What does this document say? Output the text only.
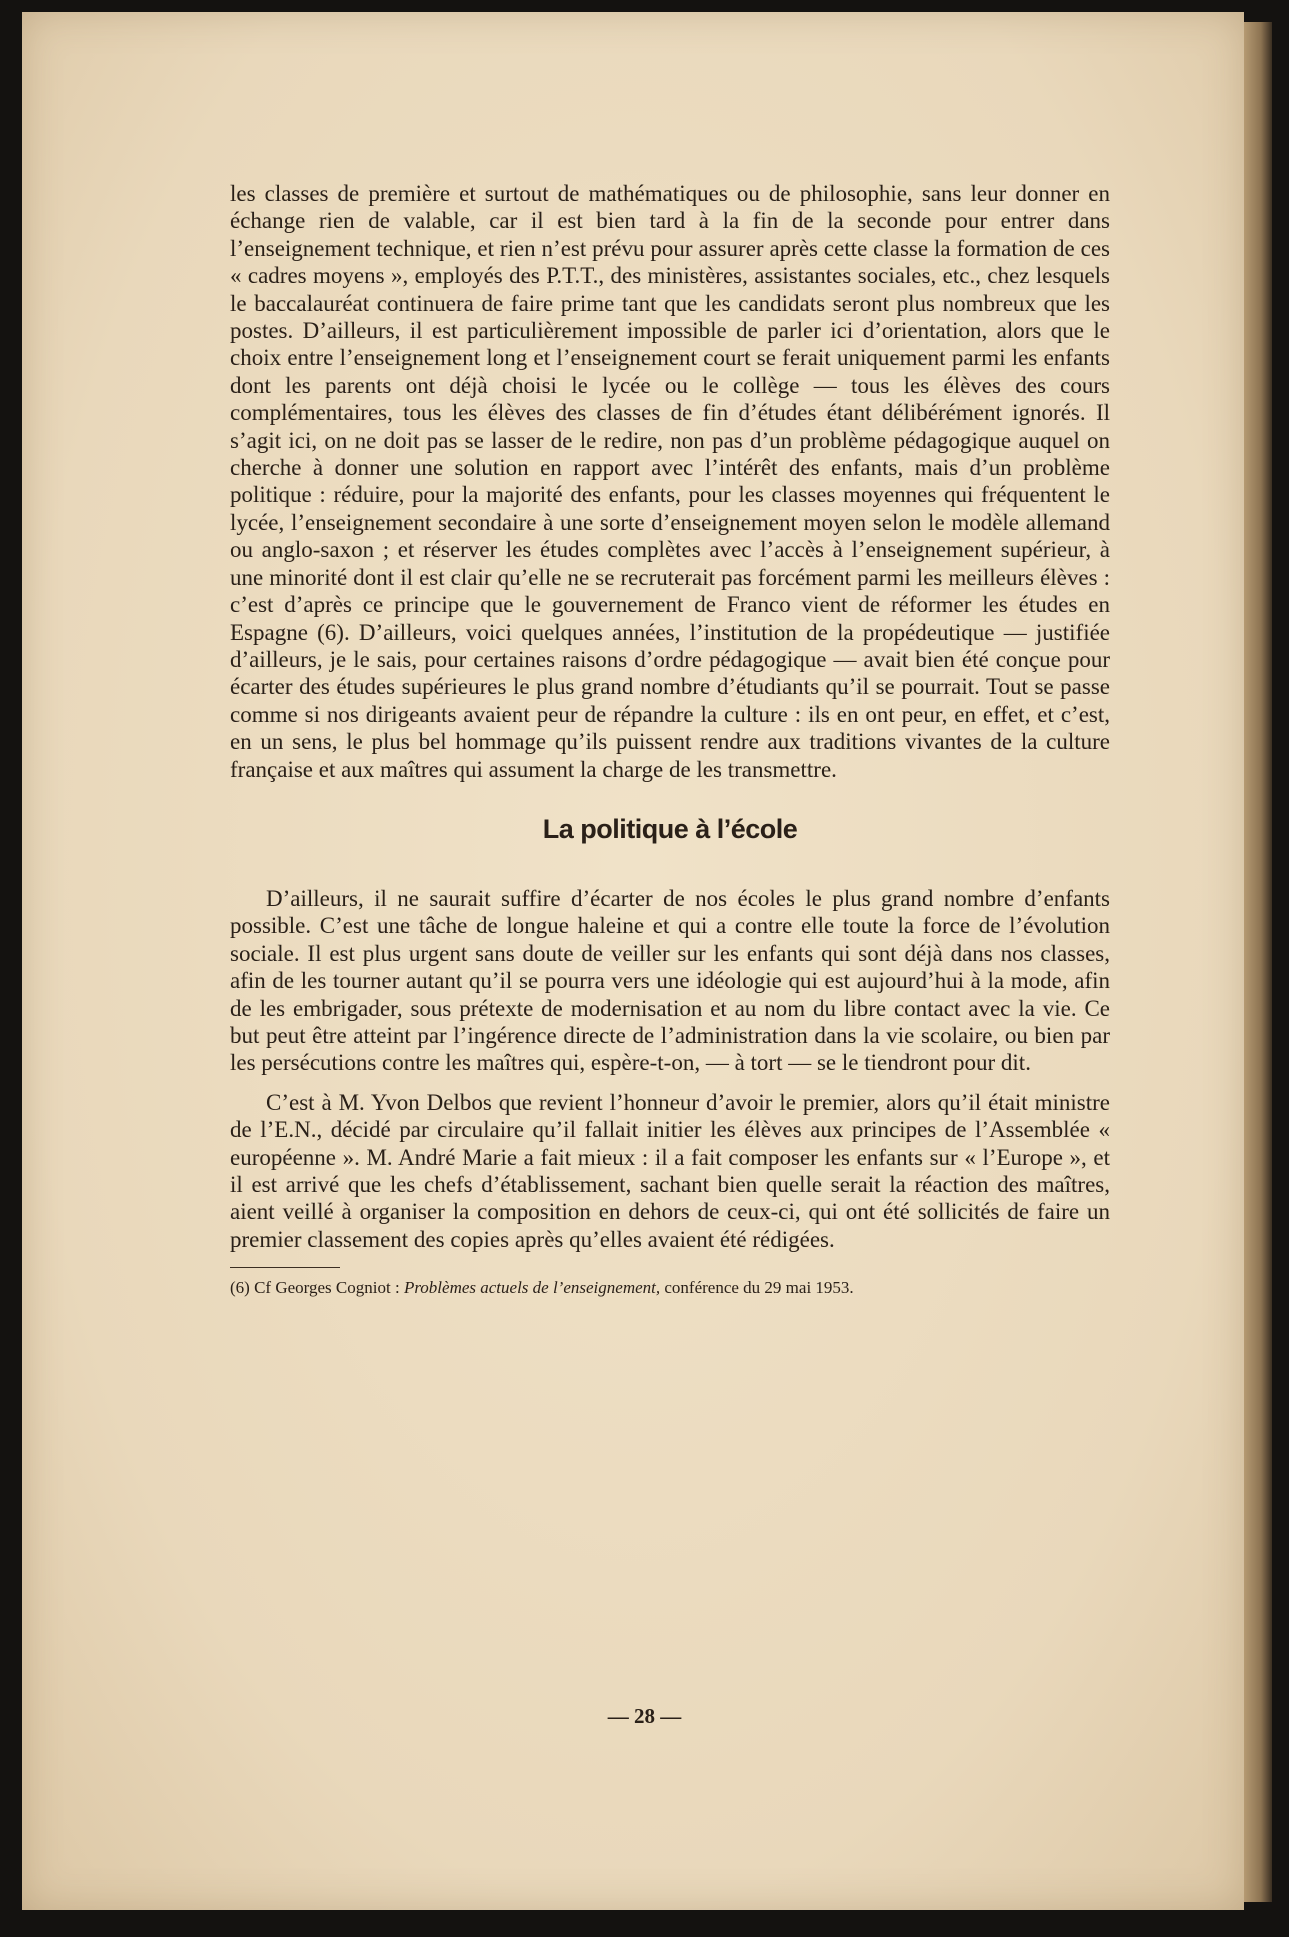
les classes de première et surtout de mathématiques ou de philosophie, sans leur donner en échange rien de valable, car il est bien tard à la fin de la seconde pour entrer dans l’enseignement technique, et rien n’est prévu pour assurer après cette classe la formation de ces « cadres moyens », employés des P.T.T., des ministères, assistantes sociales, etc., chez lesquels le baccalauréat continuera de faire prime tant que les candidats seront plus nombreux que les postes. D’ailleurs, il est particulièrement impossible de parler ici d’orientation, alors que le choix entre l’enseignement long et l’enseignement court se ferait uniquement parmi les enfants dont les parents ont déjà choisi le lycée ou le collège — tous les élèves des cours complémentaires, tous les élèves des classes de fin d’études étant délibérément ignorés. Il s’agit ici, on ne doit pas se lasser de le redire, non pas d’un problème pédagogique auquel on cherche à donner une solution en rapport avec l’intérêt des enfants, mais d’un problème politique : réduire, pour la majorité des enfants, pour les classes moyennes qui fréquentent le lycée, l’enseignement secondaire à une sorte d’enseignement moyen selon le modèle allemand ou anglo-saxon ; et réserver les études complètes avec l’accès à l’enseignement supérieur, à une minorité dont il est clair qu’elle ne se recruterait pas forcément parmi les meilleurs élèves : c’est d’après ce principe que le gouvernement de Franco vient de réformer les études en Espagne (6). D’ailleurs, voici quelques années, l’institution de la propédeutique — justifiée d’ailleurs, je le sais, pour certaines raisons d’ordre pédagogique — avait bien été conçue pour écarter des études supérieures le plus grand nombre d’étudiants qu’il se pourrait. Tout se passe comme si nos dirigeants avaient peur de répandre la culture : ils en ont peur, en effet, et c’est, en un sens, le plus bel hommage qu’ils puissent rendre aux traditions vivantes de la culture française et aux maîtres qui assument la charge de les transmettre.

La politique à l’école

D’ailleurs, il ne saurait suffire d’écarter de nos écoles le plus grand nombre d’enfants possible. C’est une tâche de longue haleine et qui a contre elle toute la force de l’évolution sociale. Il est plus urgent sans doute de veiller sur les enfants qui sont déjà dans nos classes, afin de les tourner autant qu’il se pourra vers une idéologie qui est aujourd’hui à la mode, afin de les embrigader, sous prétexte de modernisation et au nom du libre contact avec la vie. Ce but peut être atteint par l’ingérence directe de l’administration dans la vie scolaire, ou bien par les persécutions contre les maîtres qui, espère-t-on, — à tort — se le tiendront pour dit.

C’est à M. Yvon Delbos que revient l’honneur d’avoir le premier, alors qu’il était ministre de l’E.N., décidé par circulaire qu’il fallait initier les élèves aux principes de l’Assemblée « européenne ». M. André Marie a fait mieux : il a fait composer les enfants sur « l’Europe », et il est arrivé que les chefs d’établissement, sachant bien quelle serait la réaction des maîtres, aient veillé à organiser la composition en dehors de ceux-ci, qui ont été sollicités de faire un premier classement des copies après qu’elles avaient été rédigées.

(6) Cf Georges Cogniot : Problèmes actuels de l’enseignement, conférence du 29 mai 1953.

— 28 —
